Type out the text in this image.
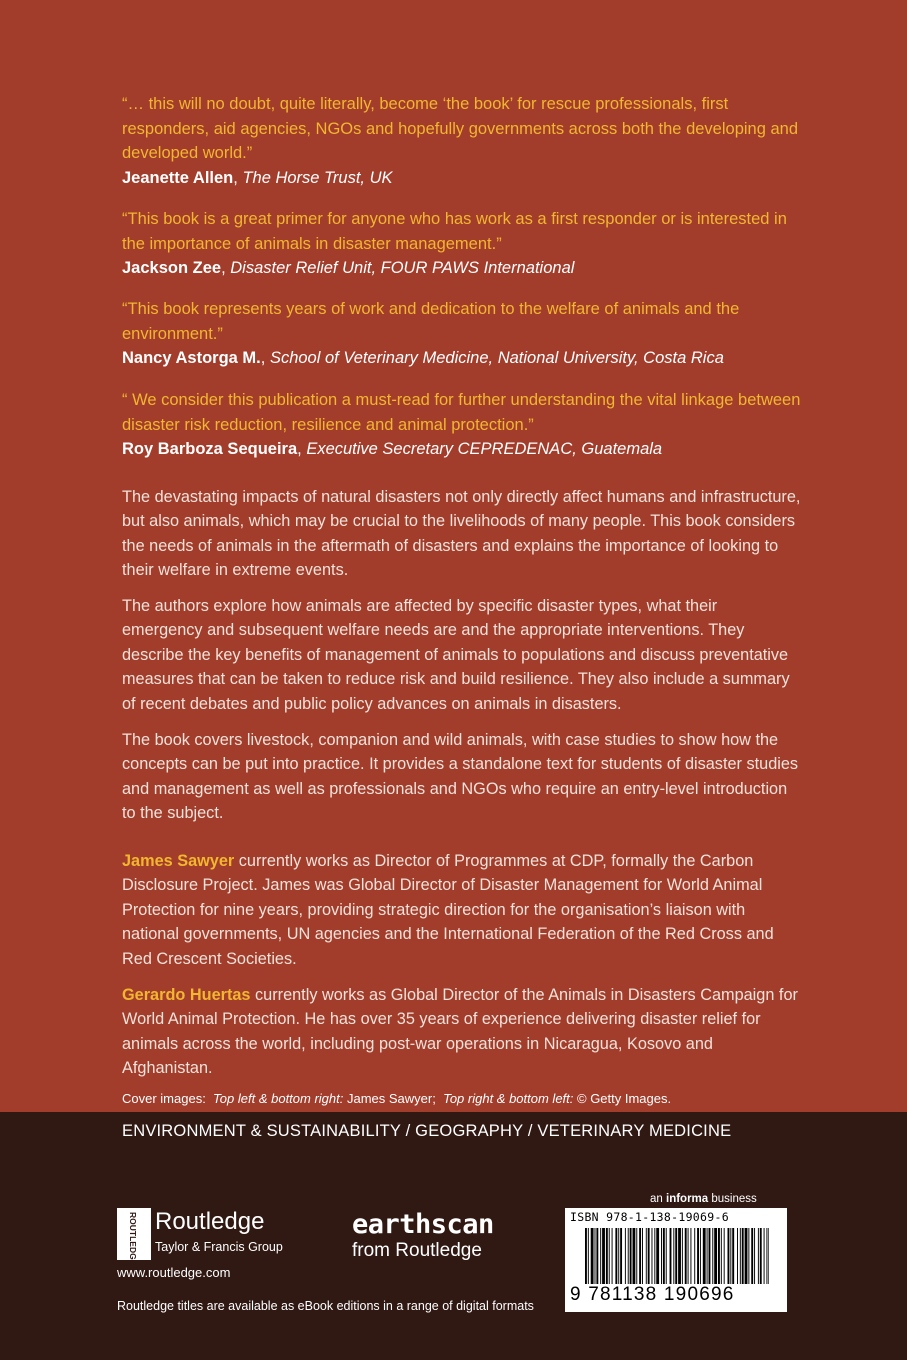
“… this will no doubt, quite literally, become ‘the book’ for rescue professionals, first responders, aid agencies, NGOs and hopefully governments across both the developing and developed world.”
Jeanette Allen, The Horse Trust, UK
“This book is a great primer for anyone who has work as a first responder or is interested in the importance of animals in disaster management.”
Jackson Zee, Disaster Relief Unit, FOUR PAWS International
“This book represents years of work and dedication to the welfare of animals and the environment.”
Nancy Astorga M., School of Veterinary Medicine, National University, Costa Rica
“ We consider this publication a must-read for further understanding the vital linkage between disaster risk reduction, resilience and animal protection.”
Roy Barboza Sequeira, Executive Secretary CEPREDENAC, Guatemala

The devastating impacts of natural disasters not only directly affect humans and infrastructure, but also animals, which may be crucial to the livelihoods of many people. This book considers the needs of animals in the aftermath of disasters and explains the importance of looking to their welfare in extreme events.

The authors explore how animals are affected by specific disaster types, what their emergency and subsequent welfare needs are and the appropriate interventions. They describe the key benefits of management of animals to populations and discuss preventative measures that can be taken to reduce risk and build resilience. They also include a summary of recent debates and public policy advances on animals in disasters.

The book covers livestock, companion and wild animals, with case studies to show how the concepts can be put into practice. It provides a standalone text for students of disaster studies and management as well as professionals and NGOs who require an entry-level introduction to the subject.

James Sawyer currently works as Director of Programmes at CDP, formally the Carbon Disclosure Project. James was Global Director of Disaster Management for World Animal Protection for nine years, providing strategic direction for the organisation’s liaison with national governments, UN agencies and the International Federation of the Red Cross and Red Crescent Societies.

Gerardo Huertas currently works as Global Director of the Animals in Disasters Campaign for World Animal Protection. He has over 35 years of experience delivering disaster relief for animals across the world, including post-war operations in Nicaragua, Kosovo and Afghanistan.

Cover images: Top left & bottom right: James Sawyer; Top right & bottom left: © Getty Images.
ENVIRONMENT & SUSTAINABILITY / GEOGRAPHY / VETERINARY MEDICINE
ROUTLEDGE Routledge
Taylor & Francis Group
www.routledge.com
Routledge titles are available as eBook editions in a range of digital formats
earthscan
from Routledge
an informa business
ISBN 978-1-138-19069-6
9 781138 190696
